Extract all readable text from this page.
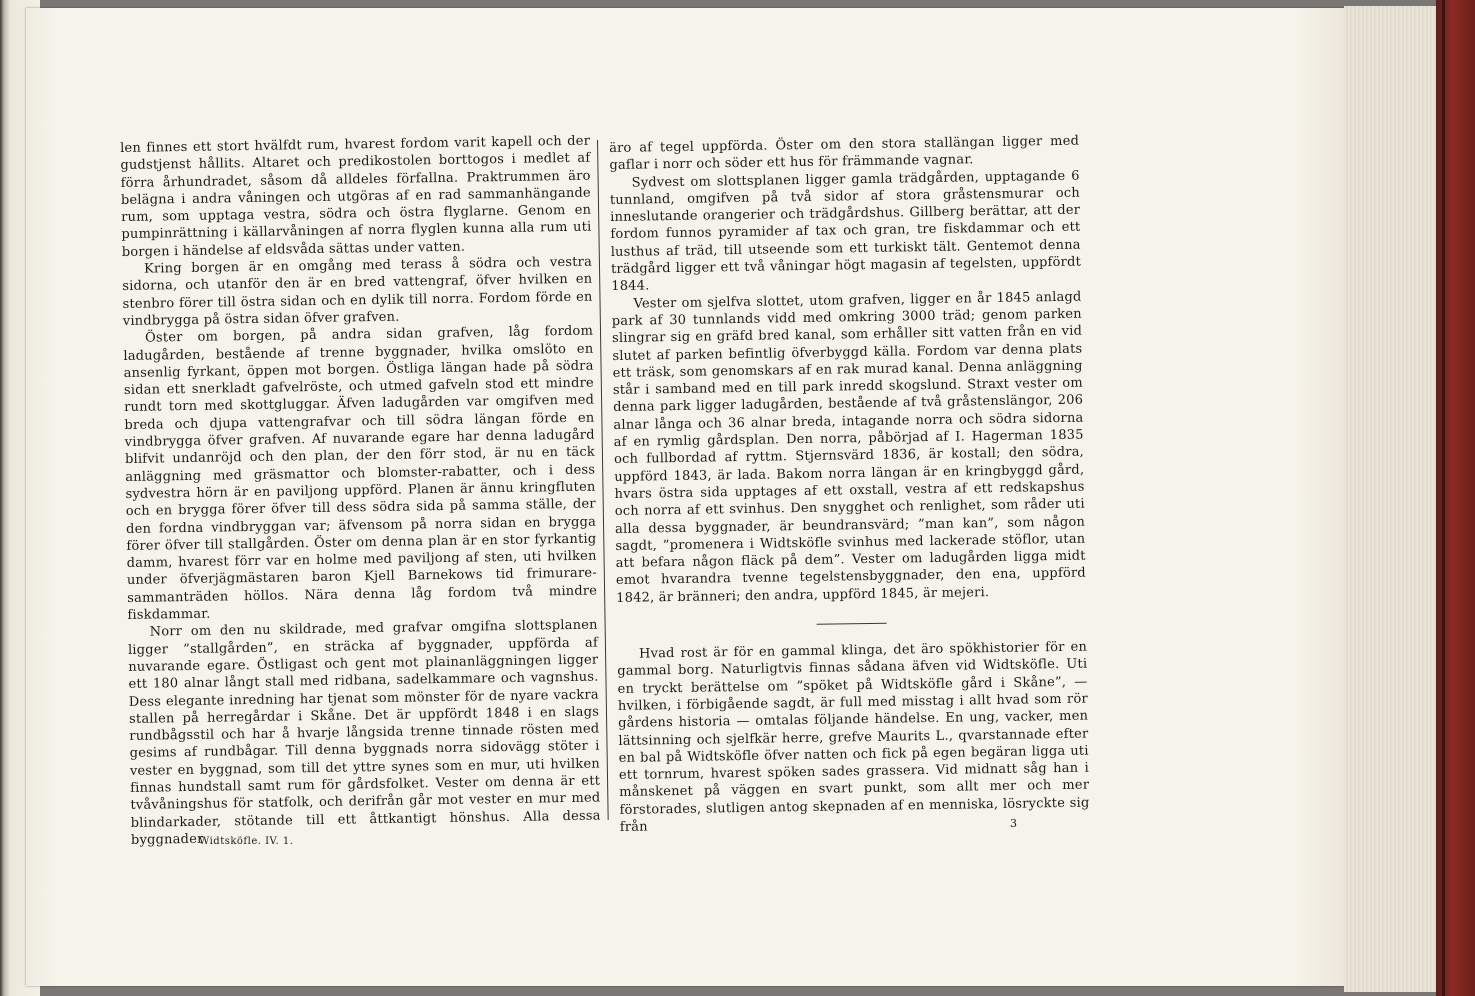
len finnes ett stort hvälfdt rum, hvarest fordom varit kapell och der gudstjenst hållits. Altaret och predikostolen borttogos i medlet af förra århundradet, såsom då alldeles förfallna. Praktrummen äro belägna i andra våningen och utgöras af en rad sammanhängande rum, som upptaga vestra, södra och östra flyglarne. Genom en pumpinrättning i källarvåningen af norra flyglen kunna alla rum uti borgen i händelse af eldsvåda sättas under vatten.

Kring borgen är en omgång med terass å södra och vestra sidorna, och utanför den är en bred vattengraf, öfver hvilken en stenbro förer till östra sidan och en dylik till norra. Fordom förde en vindbrygga på östra sidan öfver grafven.

Öster om borgen, på andra sidan grafven, låg fordom ladugården, bestående af trenne byggnader, hvilka omslöto en ansenlig fyrkant, öppen mot borgen. Östliga längan hade på södra sidan ett snerkladt gafvelröste, och utmed gafveln stod ett mindre rundt torn med skottgluggar. Äfven ladugården var omgifven med breda och djupa vattengrafvar och till södra längan förde en vindbrygga öfver grafven. Af nuvarande egare har denna ladugård blifvit undanröjd och den plan, der den förr stod, är nu en täck anläggning med gräsmattor och blomster-rabatter, och i dess sydvestra hörn är en paviljong uppförd. Planen är ännu kringfluten och en brygga förer öfver till dess södra sida på samma ställe, der den fordna vindbryggan var; äfvensom på norra sidan en brygga förer öfver till stallgården. Öster om denna plan är en stor fyrkantig damm, hvarest förr var en holme med paviljong af sten, uti hvilken under öfverjägmästaren baron Kjell Barnekows tid frimurare-sammanträden höllos. Nära denna låg fordom två mindre fiskdammar.

Norr om den nu skildrade, med grafvar omgifna slottsplanen ligger ”stallgården”, en sträcka af byggnader, uppförda af nuvarande egare. Östligast och gent mot plainanläggningen ligger ett 180 alnar långt stall med ridbana, sadelkammare och vagnshus. Dess elegante inredning har tjenat som mönster för de nyare vackra stallen på herregårdar i Skåne. Det är uppfördt 1848 i en slags rundbågsstil och har å hvarje långsida trenne tinnade rösten med gesims af rundbågar. Till denna byggnads norra sidovägg stöter i vester en byggnad, som till det yttre synes som en mur, uti hvilken finnas hundstall samt rum för gårdsfolket. Vester om denna är ett tvåvåningshus för statfolk, och derifrån går mot vester en mur med blindarkader, stötande till ett åttkantigt hönshus. Alla dessa byggnader

äro af tegel uppförda. Öster om den stora stallängan ligger med gaflar i norr och söder ett hus för främmande vagnar.

Sydvest om slottsplanen ligger gamla trädgården, upptagande 6 tunnland, omgifven på två sidor af stora gråstensmurar och inneslutande orangerier och trädgårdshus. Gillberg berättar, att der fordom funnos pyramider af tax och gran, tre fiskdammar och ett lusthus af träd, till utseende som ett turkiskt tält. Gentemot denna trädgård ligger ett två våningar högt magasin af tegelsten, uppfördt 1844.

Vester om sjelfva slottet, utom grafven, ligger en år 1845 anlagd park af 30 tunnlands vidd med omkring 3000 träd; genom parken slingrar sig en gräfd bred kanal, som erhåller sitt vatten från en vid slutet af parken befintlig öfverbyggd källa. Fordom var denna plats ett träsk, som genomskars af en rak murad kanal. Denna anläggning står i samband med en till park inredd skogslund. Straxt vester om denna park ligger ladugården, bestående af två gråstenslängor, 206 alnar långa och 36 alnar breda, intagande norra och södra sidorna af en rymlig gårdsplan. Den norra, påbörjad af I. Hagerman 1835 och fullbordad af ryttm. Stjernsvärd 1836, är kostall; den södra, uppförd 1843, är lada. Bakom norra längan är en kringbyggd gård, hvars östra sida upptages af ett oxstall, vestra af ett redskapshus och norra af ett svinhus. Den snygghet och renlighet, som råder uti alla dessa byggnader, är beundransvärd; ”man kan”, som någon sagdt, ”promenera i Widtsköfle svinhus med lackerade stöflor, utan att befara någon fläck på dem”. Vester om ladugården ligga midt emot hvarandra tvenne tegelstensbyggnader, den ena, uppförd 1842, är bränneri; den andra, uppförd 1845, är mejeri.

Hvad rost är för en gammal klinga, det äro spökhistorier för en gammal borg. Naturligtvis finnas sådana äfven vid Widtsköfle. Uti en tryckt berättelse om ”spöket på Widtsköfle gård i Skåne”, — hvilken, i förbigående sagdt, är full med misstag i allt hvad som rör gårdens historia — omtalas följande händelse. En ung, vacker, men lättsinning och sjelfkär herre, grefve Maurits L., qvarstannade efter en bal på Widtsköfle öfver natten och fick på egen begäran ligga uti ett tornrum, hvarest spöken sades grassera. Vid midnatt såg han i månskenet på väggen en svart punkt, som allt mer och mer förstorades, slutligen antog skepnaden af en menniska, lösryckte sig från

Widtsköfle. IV. 1.
3
